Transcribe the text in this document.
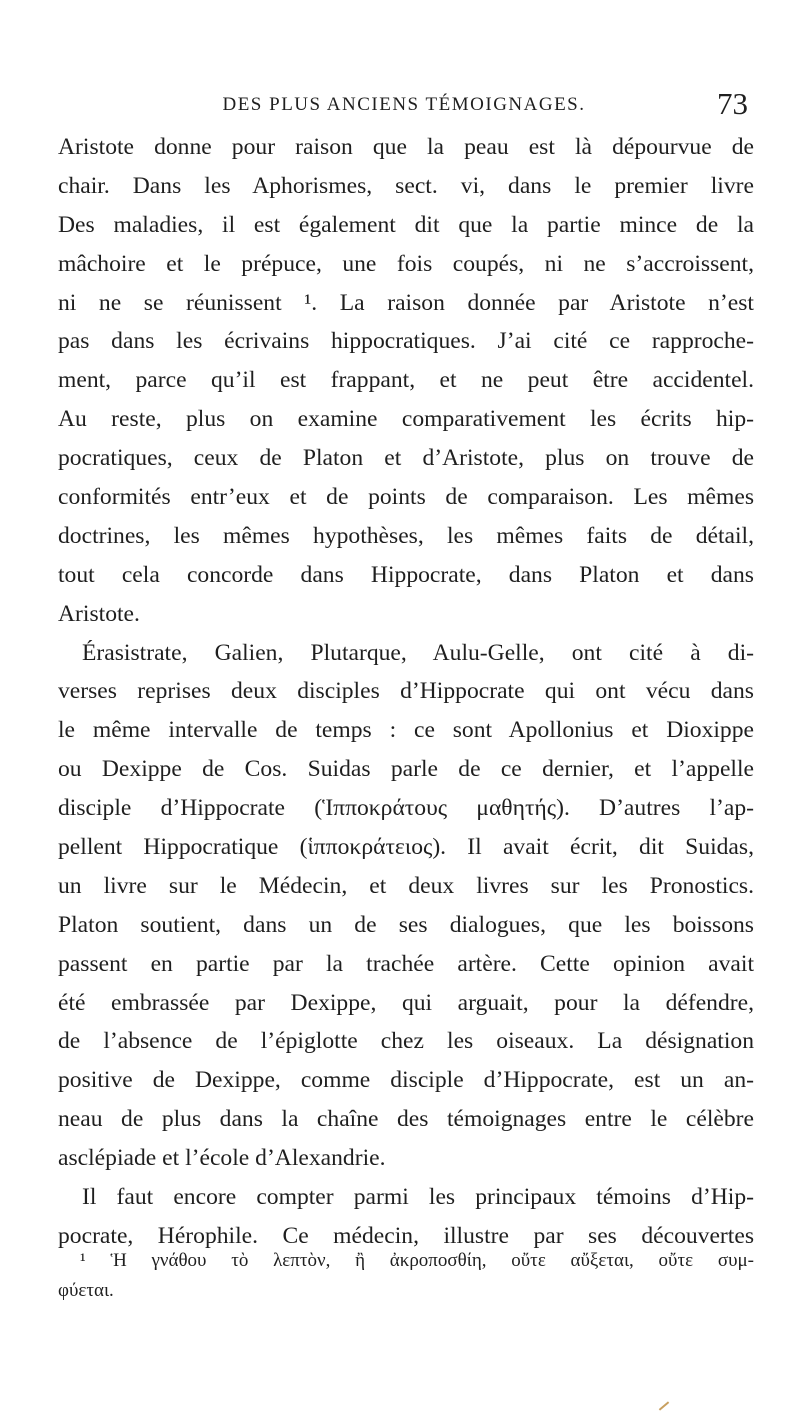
DES PLUS ANCIENS TÉMOIGNAGES.	73
Aristote donne pour raison que la peau est là dépourvue de
chair. Dans les Aphorismes, sect. vi, dans le premier livre
Des maladies, il est également dit que la partie mince de la
mâchoire et le prépuce, une fois coupés, ni ne s’accroissent,
ni ne se réunissent ¹. La raison donnée par Aristote n’est
pas dans les écrivains hippocratiques. J’ai cité ce rapproche-
ment, parce qu’il est frappant, et ne peut être accidentel.
Au reste, plus on examine comparativement les écrits hip-
pocratiques, ceux de Platon et d’Aristote, plus on trouve de
conformités entr’eux et de points de comparaison. Les mêmes
doctrines, les mêmes hypothèses, les mêmes faits de détail,
tout cela concorde dans Hippocrate, dans Platon et dans
Aristote.
Érasistrate, Galien, Plutarque, Aulu-Gelle, ont cité à di-
verses reprises deux disciples d’Hippocrate qui ont vécu dans
le même intervalle de temps : ce sont Apollonius et Dioxippe
ou Dexippe de Cos. Suidas parle de ce dernier, et l’appelle
disciple d’Hippocrate (Ἱπποκράτους μαθητής). D’autres l’ap-
pellent Hippocratique (ἱπποκράτειος). Il avait écrit, dit Suidas,
un livre sur le Médecin, et deux livres sur les Pronostics.
Platon soutient, dans un de ses dialogues, que les boissons
passent en partie par la trachée artère. Cette opinion avait
été embrassée par Dexippe, qui arguait, pour la défendre,
de l’absence de l’épiglotte chez les oiseaux. La désignation
positive de Dexippe, comme disciple d’Hippocrate, est un an-
neau de plus dans la chaîne des témoignages entre le célèbre
asclépiade et l’école d’Alexandrie.
Il faut encore compter parmi les principaux témoins d’Hip-
pocrate, Hérophile. Ce médecin, illustre par ses découvertes
¹ Ἡ γνάθου τὸ λεπτὸν, ἢ ἀκροποσθίη, οὔτε αὔξεται, οὔτε συμ-
φύεται.
